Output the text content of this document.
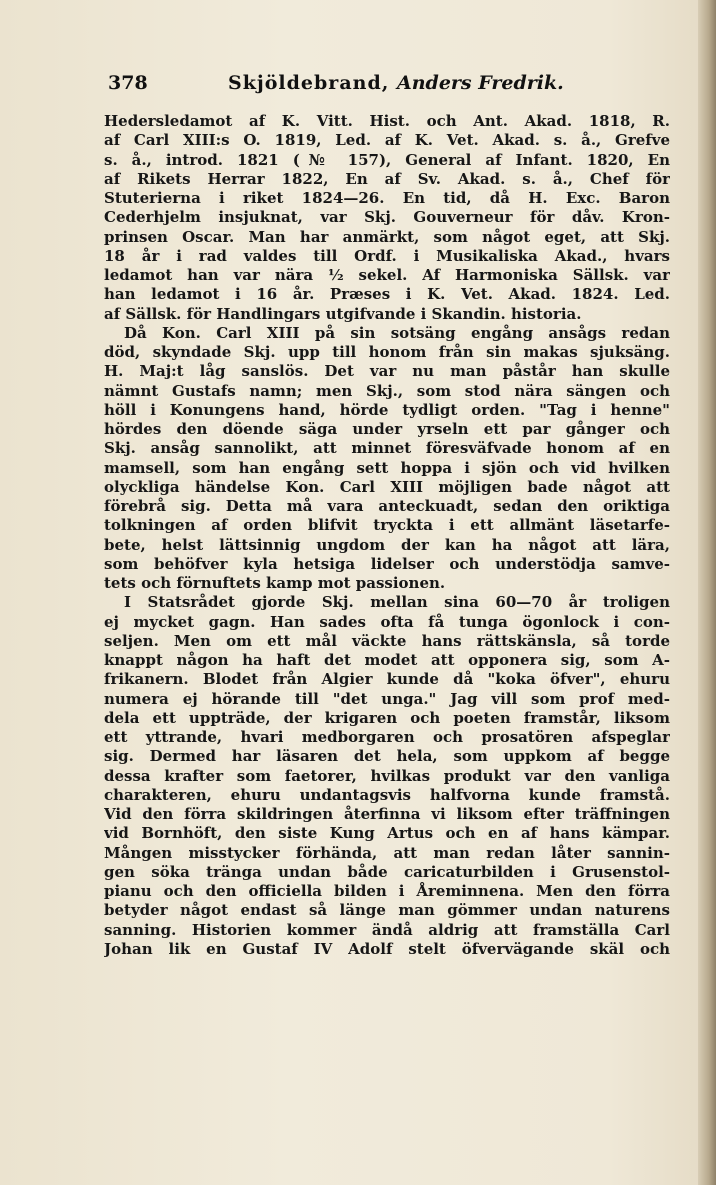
378	Skjöldebrand, Anders Fredrik.
Hedersledamot af K. Vitt. Hist. och Ant. Akad. 1818, R.
af Carl XIII:s O. 1819, Led. af K. Vet. Akad. s. å., Grefve
s. å., introd. 1821 (№ 157), General af Infant. 1820, En
af Rikets Herrar 1822, En af Sv. Akad. s. å., Chef för
Stuterierna i riket 1824—26. En tid, då H. Exc. Baron
Cederhjelm insjuknat, var Skj. Gouverneur för dåv. Kron-
prinsen Oscar. Man har anmärkt, som något eget, att Skj.
18 år i rad valdes till Ordf. i Musikaliska Akad., hvars
ledamot han var nära ½ sekel. Af Harmoniska Sällsk. var
han ledamot i 16 år. Præses i K. Vet. Akad. 1824. Led.
af Sällsk. för Handlingars utgifvande i Skandin. historia.
Då Kon. Carl XIII på sin sotsäng engång ansågs redan
död, skyndade Skj. upp till honom från sin makas sjuksäng.
H. Maj:t låg sanslös. Det var nu man påstår han skulle
nämnt Gustafs namn; men Skj., som stod nära sängen och
höll i Konungens hand, hörde tydligt orden. "Tag i henne"
hördes den döende säga under yrseln ett par gånger och
Skj. ansåg sannolikt, att minnet föresväfvade honom af en
mamsell, som han engång sett hoppa i sjön och vid hvilken
olyckliga händelse Kon. Carl XIII möjligen bade något att
förebrå sig. Detta må vara anteckuadt, sedan den oriktiga
tolkningen af orden blifvit tryckta i ett allmänt läsetarfe-
bete, helst lättsinnig ungdom der kan ha något att lära,
som behöfver kyla hetsiga lidelser och understödja samve-
tets och förnuftets kamp mot passionen.
I Statsrådet gjorde Skj. mellan sina 60—70 år troligen
ej mycket gagn. Han sades ofta få tunga ögonlock i con-
seljen. Men om ett mål väckte hans rättskänsla, så torde
knappt någon ha haft det modet att opponera sig, som A-
frikanern. Blodet från Algier kunde då "koka öfver", ehuru
numera ej hörande till "det unga." Jag vill som prof med-
dela ett uppträde, der krigaren och poeten framstår, liksom
ett yttrande, hvari medborgaren och prosatören afspeglar
sig. Dermed har läsaren det hela, som uppkom af begge
dessa krafter som faetorer, hvilkas produkt var den vanliga
charakteren, ehuru undantagsvis halfvorna kunde framstå.
Vid den förra skildringen återfinna vi liksom efter träffningen
vid Bornhöft, den siste Kung Artus och en af hans kämpar.
Mången misstycker förhända, att man redan låter sannin-
gen söka tränga undan både caricaturbilden i Grusenstol-
pianu och den officiella bilden i Åreminnena. Men den förra
betyder något endast så länge man gömmer undan naturens
sanning. Historien kommer ändå aldrig att framställa Carl
Johan lik en Gustaf IV Adolf stelt öfvervägande skäl och
